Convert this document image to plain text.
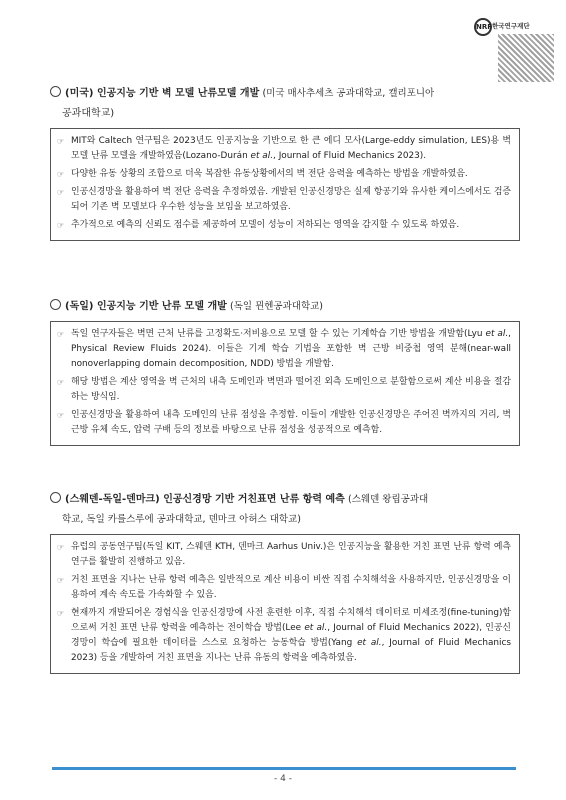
NRF 한국연구재단
(미국) 인공지능 기반 벽 모델 난류모델 개발 (미국 매사추세츠 공과대학교, 캘리포니아
공과대학교)
☞ MIT와 Caltech 연구팀은 2023년도 인공지능을 기반으로 한 큰 에디 모사(Large-eddy simulation, LES)용 벽 모델 난류 모델을 개발하였음(Lozano-Durán et al., Journal of Fluid Mechanics 2023).
☞ 다양한 유동 상황의 조합으로 더욱 복잡한 유동상황에서의 벽 전단 응력을 예측하는 방법을 개발하였음.
☞ 인공신경망을 활용하여 벽 전단 응력을 추정하였음. 개발된 인공신경망은 실제 항공기와 유사한 케이스에서도 검증되어 기존 벽 모델보다 우수한 성능을 보임을 보고하였음.
☞ 추가적으로 예측의 신뢰도 점수를 제공하여 모델이 성능이 저하되는 영역을 감지할 수 있도록 하였음.
(독일) 인공지능 기반 난류 모델 개발 (독일 뮌헨공과대학교)
☞ 독일 연구자들은 벽면 근처 난류를 고정확도·저비용으로 모델 할 수 있는 기계학습 기반 방법을 개발함(Lyu et al., Physical Review Fluids 2024). 이들은 기계 학습 기법을 포함한 벽 근방 비중첩 영역 분해(near-wall nonoverlapping domain decomposition, NDD) 방법을 개발함.
☞ 해당 방법은 계산 영역을 벽 근처의 내측 도메인과 벽면과 떨어진 외측 도메인으로 분할함으로써 계산 비용을 절감하는 방식임.
☞ 인공신경망을 활용하여 내측 도메인의 난류 점성을 추정함. 이들이 개발한 인공신경망은 주어진 벽까지의 거리, 벽 근방 유체 속도, 압력 구배 등의 정보를 바탕으로 난류 점성을 성공적으로 예측함.
(스웨덴-독일-덴마크) 인공신경망 기반 거친표면 난류 항력 예측 (스웨덴 왕립공과대
학교, 독일 카를스루에 공과대학교, 덴마크 아허스 대학교)
☞ 유럽의 공동연구팀(독일 KIT, 스웨덴 KTH, 덴마크 Aarhus Univ.)은 인공지능을 활용한 거친 표면 난류 항력 예측 연구를 활발히 진행하고 있음.
☞ 거친 표면을 지나는 난류 항력 예측은 일반적으로 계산 비용이 비싼 직접 수치해석을 사용하지만, 인공신경망을 이용하여 계속 속도를 가속화할 수 있음.
☞ 현재까지 개발되어온 경험식을 인공신경망에 사전 훈련한 이후, 직접 수치해석 데이터로 미세조정(fine-tuning)함으로써 거친 표면 난류 항력을 예측하는 전이학습 방법(Lee et al., Journal of Fluid Mechanics 2022), 인공신경망이 학습에 필요한 데이터를 스스로 요청하는 능동학습 방법(Yang et al., Journal of Fluid Mechanics 2023) 등을 개발하여 거친 표면을 지나는 난류 유동의 항력을 예측하였음.
- 4 -
